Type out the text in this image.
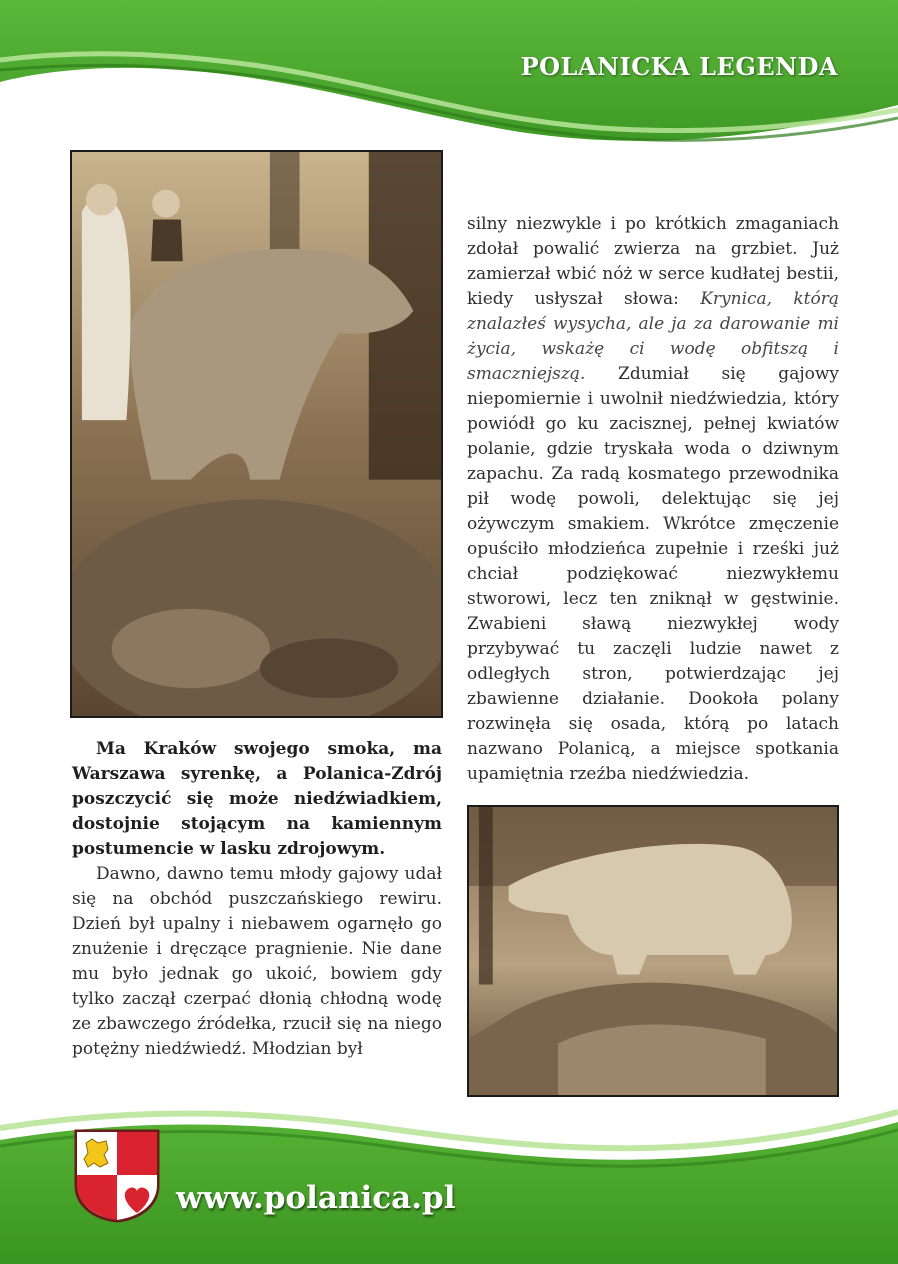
POLANICKA LEGENDA

Ma Kraków swojego smoka, ma Warszawa syrenkę, a Polanica-Zdrój poszczycić się może niedźwiadkiem, dostojnie stojącym na kamiennym postumencie w lasku zdrojowym.

Dawno, dawno temu młody gajowy udał się na obchód puszczańskiego rewiru. Dzień był upalny i niebawem ogarnęło go znużenie i dręczące pragnienie. Nie dane mu było jednak go ukoić, bowiem gdy tylko zaczął czerpać dłonią chłodną wodę ze zbawczego źródełka, rzucił się na niego potężny niedźwiedź. Młodzian był

silny niezwykle i po krótkich zmaganiach zdołał powalić zwierza na grzbiet. Już zamierzał wbić nóż w serce kudłatej bestii, kiedy usłyszał słowa: Krynica, którą znalazłeś wysycha, ale ja za darowanie mi życia, wskażę ci wodę obfitszą i smaczniejszą. Zdumiał się gajowy niepomiernie i uwolnił niedźwiedzia, który powiódł go ku zacisznej, pełnej kwiatów polanie, gdzie tryskała woda o dziwnym zapachu. Za radą kosmatego przewodnika pił wodę powoli, delektując się jej ożywczym smakiem. Wkrótce zmęczenie opuściło młodzieńca zupełnie i rześki już chciał podziękować niezwykłemu stworowi, lecz ten zniknął w gęstwinie. Zwabieni sławą niezwykłej wody przybywać tu zaczęli ludzie nawet z odległych stron, potwierdzając jej zbawienne działanie. Dookoła polany rozwinęła się osada, którą po latach nazwano Polanicą, a miejsce spotkania upamiętnia rzeźba niedźwiedzia.

www.polanica.pl
